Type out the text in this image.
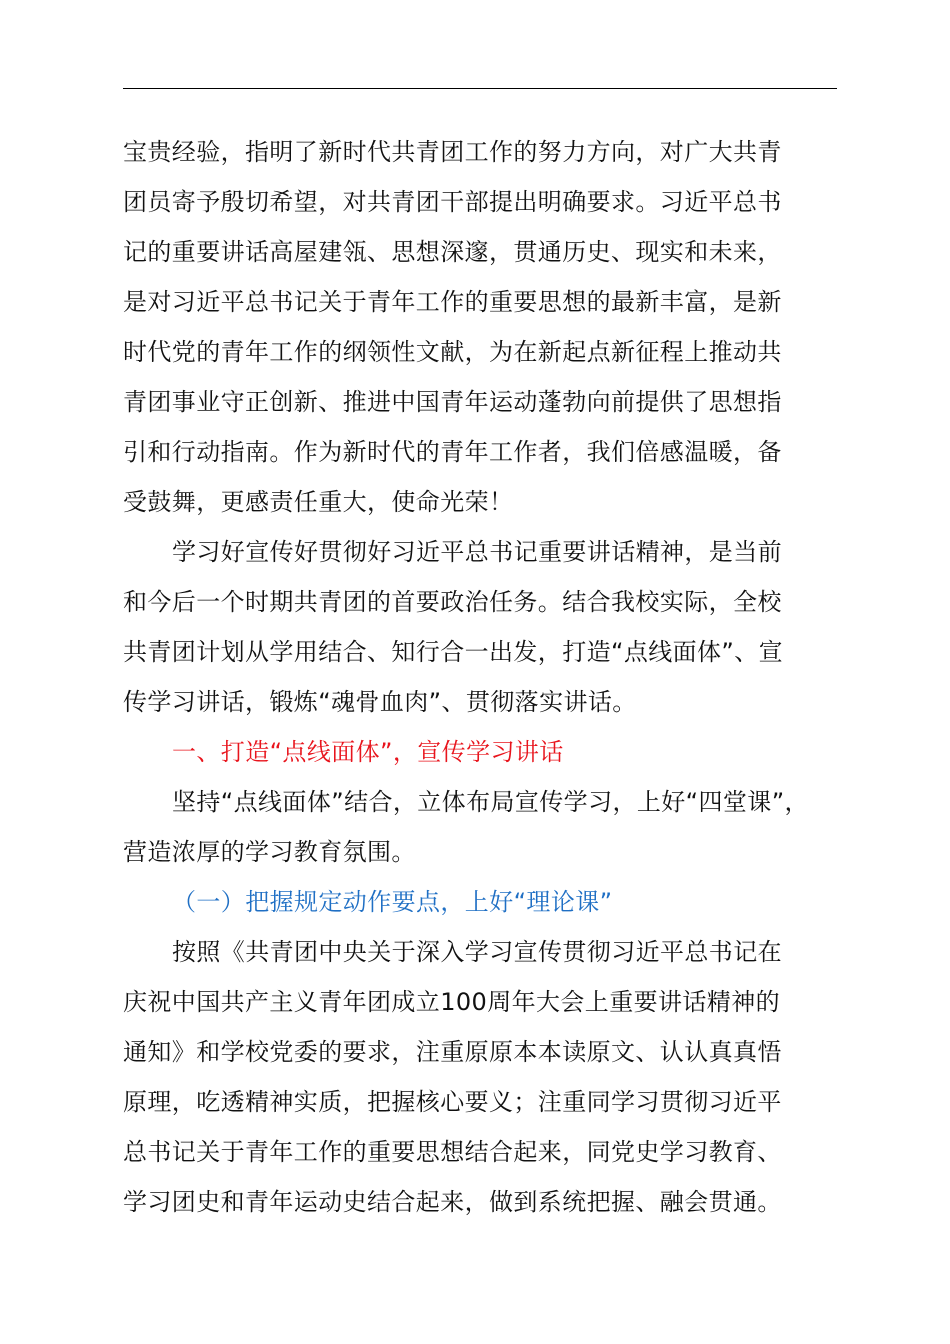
宝贵经验，指明了新时代共青团工作的努力方向，对广大共青
团员寄予殷切希望，对共青团干部提出明确要求。习近平总书
记的重要讲话高屋建瓴、思想深邃，贯通历史、现实和未来，
是对习近平总书记关于青年工作的重要思想的最新丰富，是新
时代党的青年工作的纲领性文献，为在新起点新征程上推动共
青团事业守正创新、推进中国青年运动蓬勃向前提供了思想指
引和行动指南。作为新时代的青年工作者，我们倍感温暖，备
受鼓舞，更感责任重大，使命光荣！
学习好宣传好贯彻好习近平总书记重要讲话精神，是当前
和今后一个时期共青团的首要政治任务。结合我校实际，全校
共青团计划从学用结合、知行合一出发，打造“点线面体”、宣
传学习讲话，锻炼“魂骨血肉”、贯彻落实讲话。
一、打造“点线面体”，宣传学习讲话
坚持“点线面体”结合，立体布局宣传学习，上好“四堂课”，
营造浓厚的学习教育氛围。
（一）把握规定动作要点，上好“理论课”
按照《共青团中央关于深入学习宣传贯彻习近平总书记在
庆祝中国共产主义青年团成立100周年大会上重要讲话精神的
通知》和学校党委的要求，注重原原本本读原文、认认真真悟
原理，吃透精神实质，把握核心要义；注重同学习贯彻习近平
总书记关于青年工作的重要思想结合起来，同党史学习教育、
学习团史和青年运动史结合起来，做到系统把握、融会贯通。
